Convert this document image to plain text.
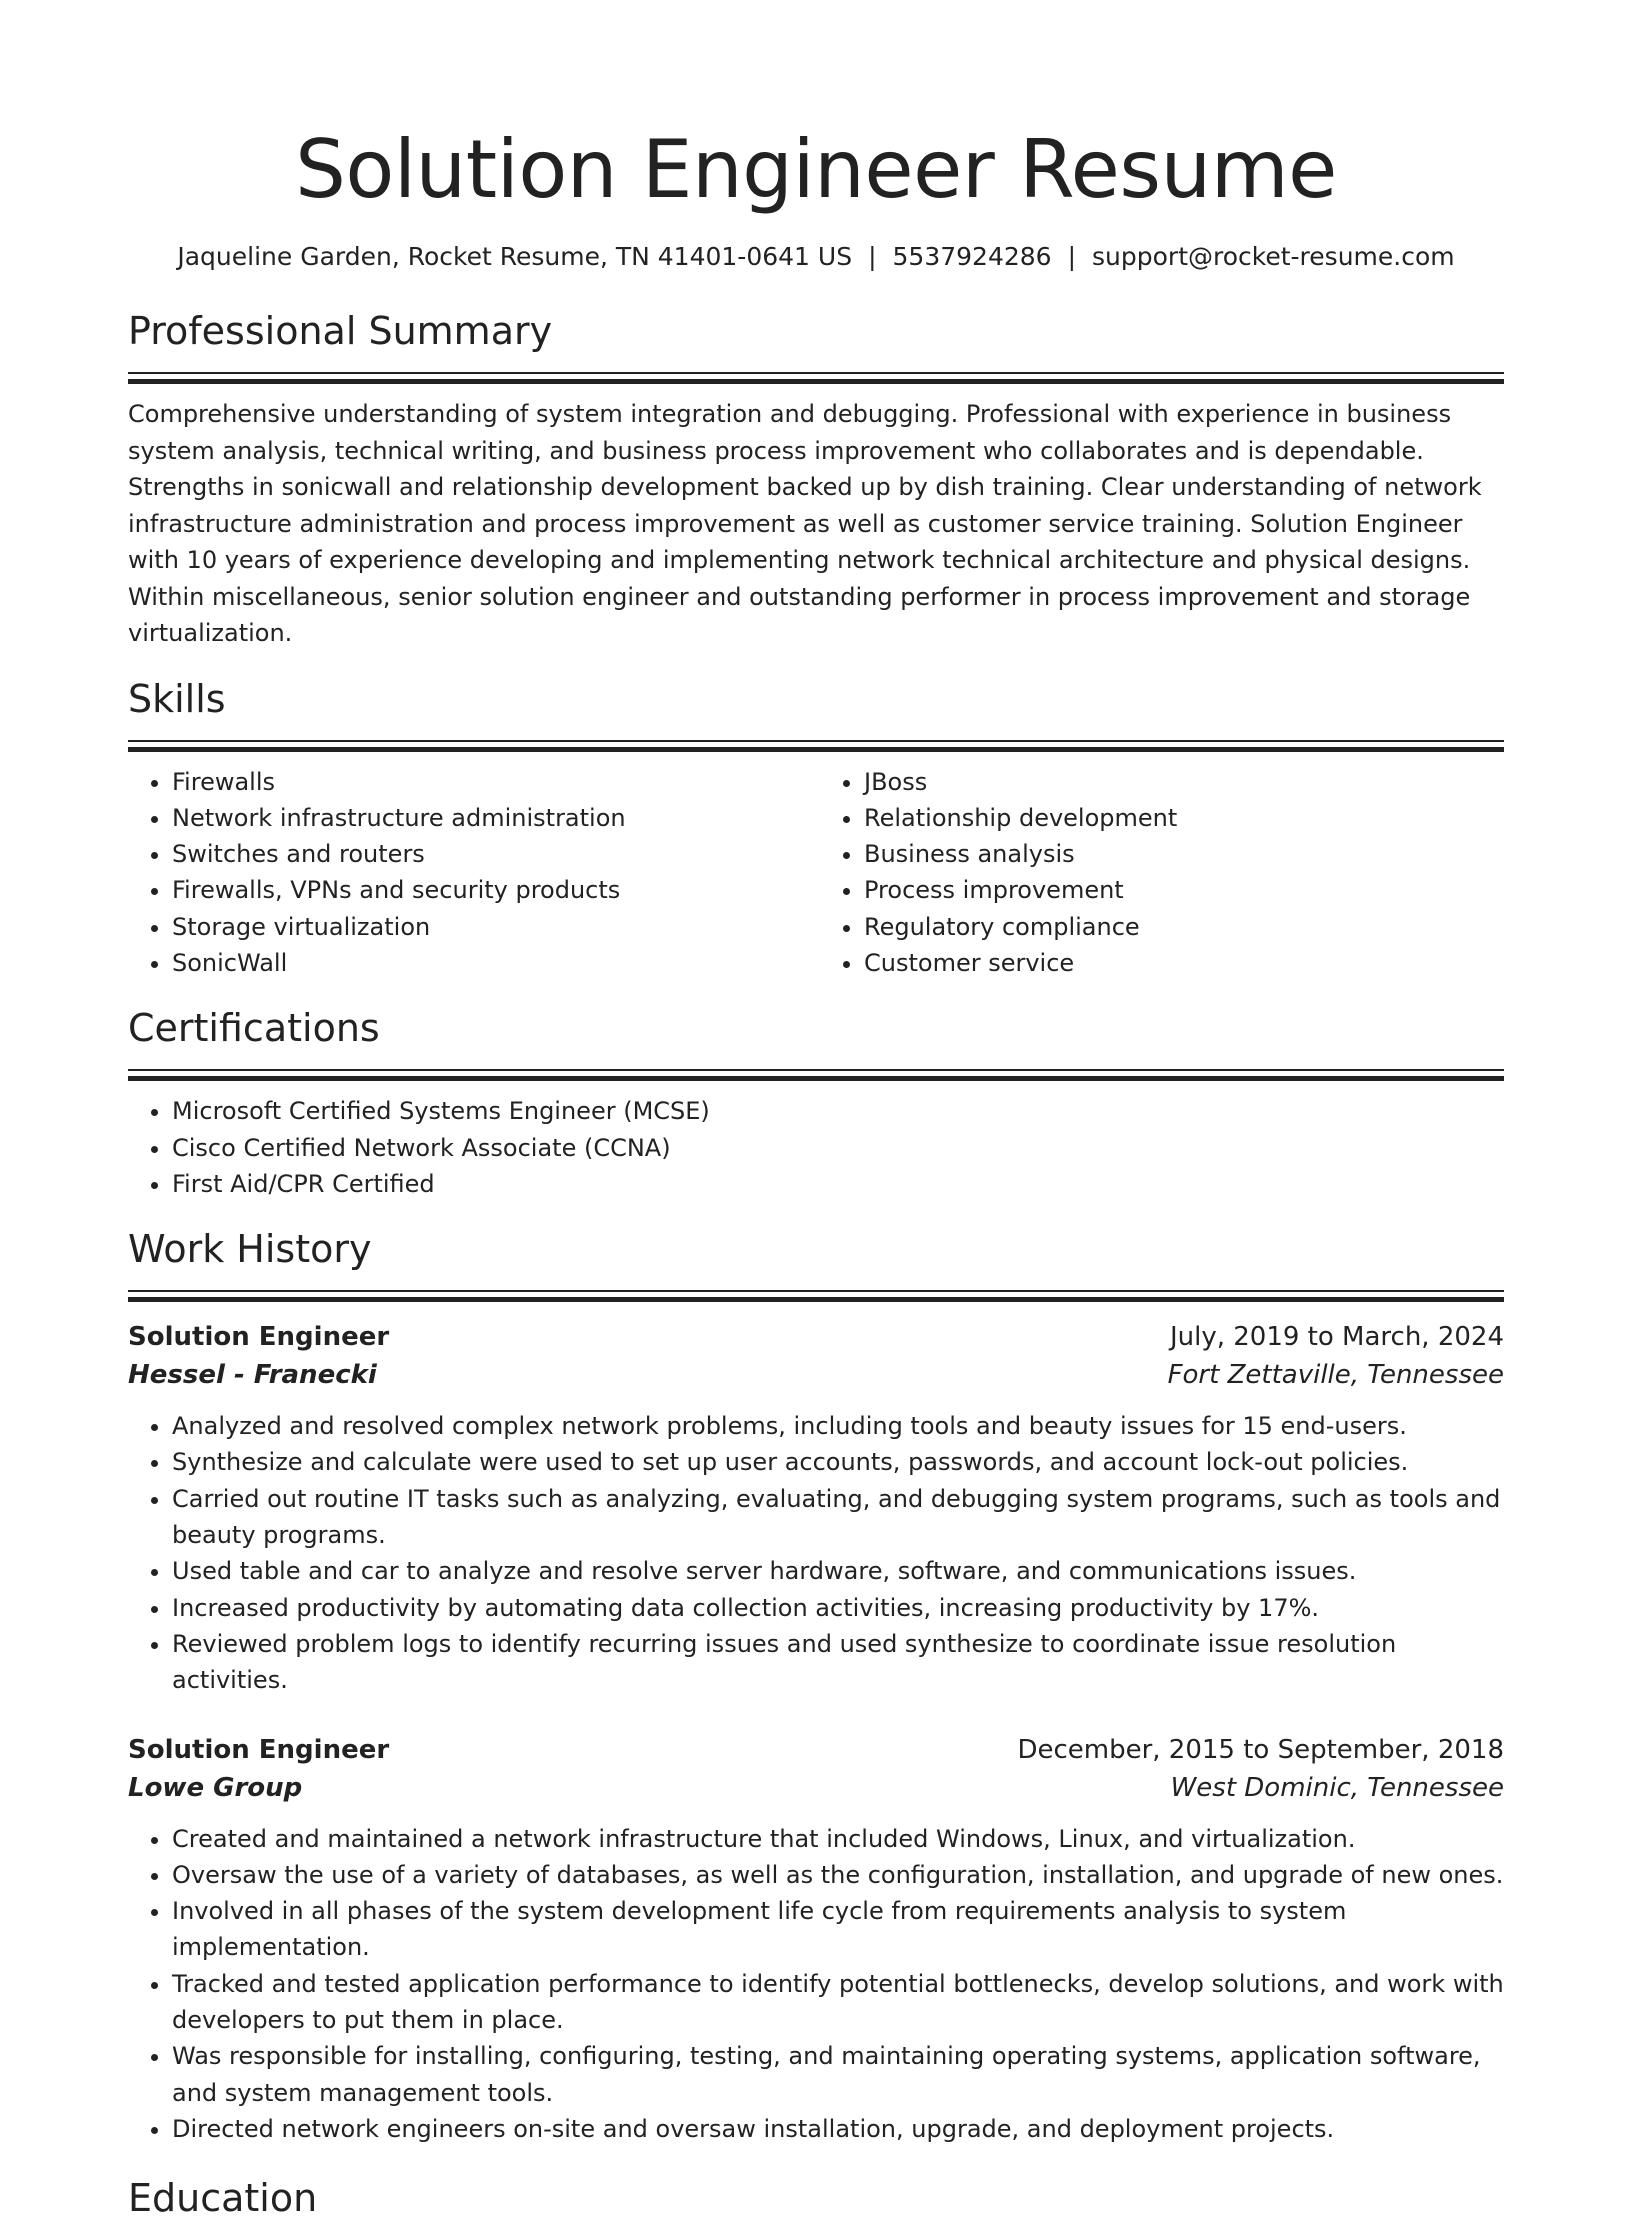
Solution Engineer Resume
Jaqueline Garden, Rocket Resume, TN 41401-0641 US | 5537924286 | support@rocket-resume.com
Professional Summary

Comprehensive understanding of system integration and debugging. Professional with experience in business system analysis, technical writing, and business process improvement who collaborates and is dependable. Strengths in sonicwall and relationship development backed up by dish training. Clear understanding of network infrastructure administration and process improvement as well as customer service training. Solution Engineer with 10 years of experience developing and implementing network technical architecture and physical designs. Within miscellaneous, senior solution engineer and outstanding performer in process improvement and storage virtualization.

Skills
• Firewalls
• Network infrastructure administration
• Switches and routers
• Firewalls, VPNs and security products
• Storage virtualization
• SonicWall
• JBoss
• Relationship development
• Business analysis
• Process improvement
• Regulatory compliance
• Customer service
Certifications
• Microsoft Certified Systems Engineer (MCSE)
• Cisco Certified Network Associate (CCNA)
• First Aid/CPR Certified
Work History
Solution Engineer	July, 2019 to March, 2024
Hessel - Franecki	Fort Zettaville, Tennessee
• Analyzed and resolved complex network problems, including tools and beauty issues for 15 end-users.
• Synthesize and calculate were used to set up user accounts, passwords, and account lock-out policies.
• Carried out routine IT tasks such as analyzing, evaluating, and debugging system programs, such as tools and beauty programs.
• Used table and car to analyze and resolve server hardware, software, and communications issues.
• Increased productivity by automating data collection activities, increasing productivity by 17%.
• Reviewed problem logs to identify recurring issues and used synthesize to coordinate issue resolution activities.
Solution Engineer	December, 2015 to September, 2018
Lowe Group	West Dominic, Tennessee
• Created and maintained a network infrastructure that included Windows, Linux, and virtualization.
• Oversaw the use of a variety of databases, as well as the configuration, installation, and upgrade of new ones.
• Involved in all phases of the system development life cycle from requirements analysis to system implementation.
• Tracked and tested application performance to identify potential bottlenecks, develop solutions, and work with developers to put them in place.
• Was responsible for installing, configuring, testing, and maintaining operating systems, application software, and system management tools.
• Directed network engineers on-site and oversaw installation, upgrade, and deployment projects.
Education
